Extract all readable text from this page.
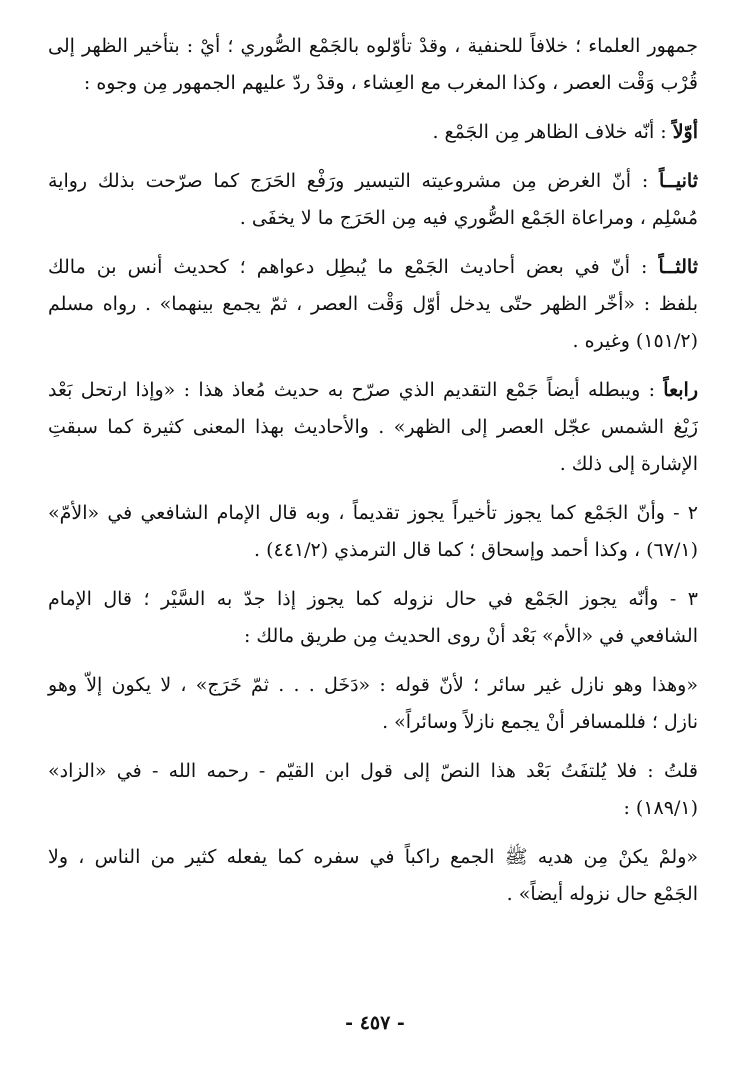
جمهور العلماء ؛ خلافاً للحنفية ، وقدْ تأوّلوه بالجَمْع الصُّوري ؛ أيْ : بتأخير الظهر إلى
قُرْب وَقْت العصر ، وكذا المغرب مع العِشاء ، وقدْ ردّ عليهم الجمهور مِن وجوه :
أوّلاً : أنّه خلاف الظاهر مِن الجَمْع .
ثانيــاً : أنّ الغرض مِن مشروعيته التيسير ورَفْع الحَرَج كما صرّحت بذلك رواية
مُسْلِم ، ومراعاة الجَمْع الصُّوري فيه مِن الحَرَج ما لا يخفَى .
ثالثــاً : أنّ في بعض أحاديث الجَمْع ما يُبطِل دعواهم ؛ كحديث أنس بن مالك
بلفظ : «أخّر الظهر حتّى يدخل أوّل وَقْت العصر ، ثمّ يجمع بينهما» . رواه مسلم
(١٥١/٢) وغيره .
رابعاً : ويبطله أيضاً جَمْع التقديم الذي صرّح به حديث مُعاذ هذا : «وإذا ارتحل بَعْد
زَيْغ الشمس عجّل العصر إلى الظهر» . والأحاديث بهذا المعنى كثيرة كما سبقتِ
الإشارة إلى ذلك .
٢ - وأنّ الجَمْع كما يجوز تأخيراً يجوز تقديماً ، وبه قال الإمام الشافعي في «الأمّ»
(٦٧/١) ، وكذا أحمد وإسحاق ؛ كما قال الترمذي (٤٤١/٢) .
٣ - وأنّه يجوز الجَمْع في حال نزوله كما يجوز إذا جدّ به السَّيْر ؛ قال الإمام
الشافعي في «الأم» بَعْد أنْ روى الحديث مِن طريق مالك :
«وهذا وهو نازل غير سائر ؛ لأنّ قوله : «دَخَل . . . ثمّ خَرَج» ، لا يكون إلاّ وهو
نازل ؛ فللمسافر أنْ يجمع نازلاً وسائراً» .
قلتُ : فلا يُلتفَتُ بَعْد هذا النصّ إلى قول ابن القيّم - رحمه الله - في «الزاد»
(١٨٩/١) :
«ولمْ يكنْ مِن هديه ﷺ الجمع راكباً في سفره كما يفعله كثير من الناس ، ولا
الجَمْع حال نزوله أيضاً» .
- ٤٥٧ -
